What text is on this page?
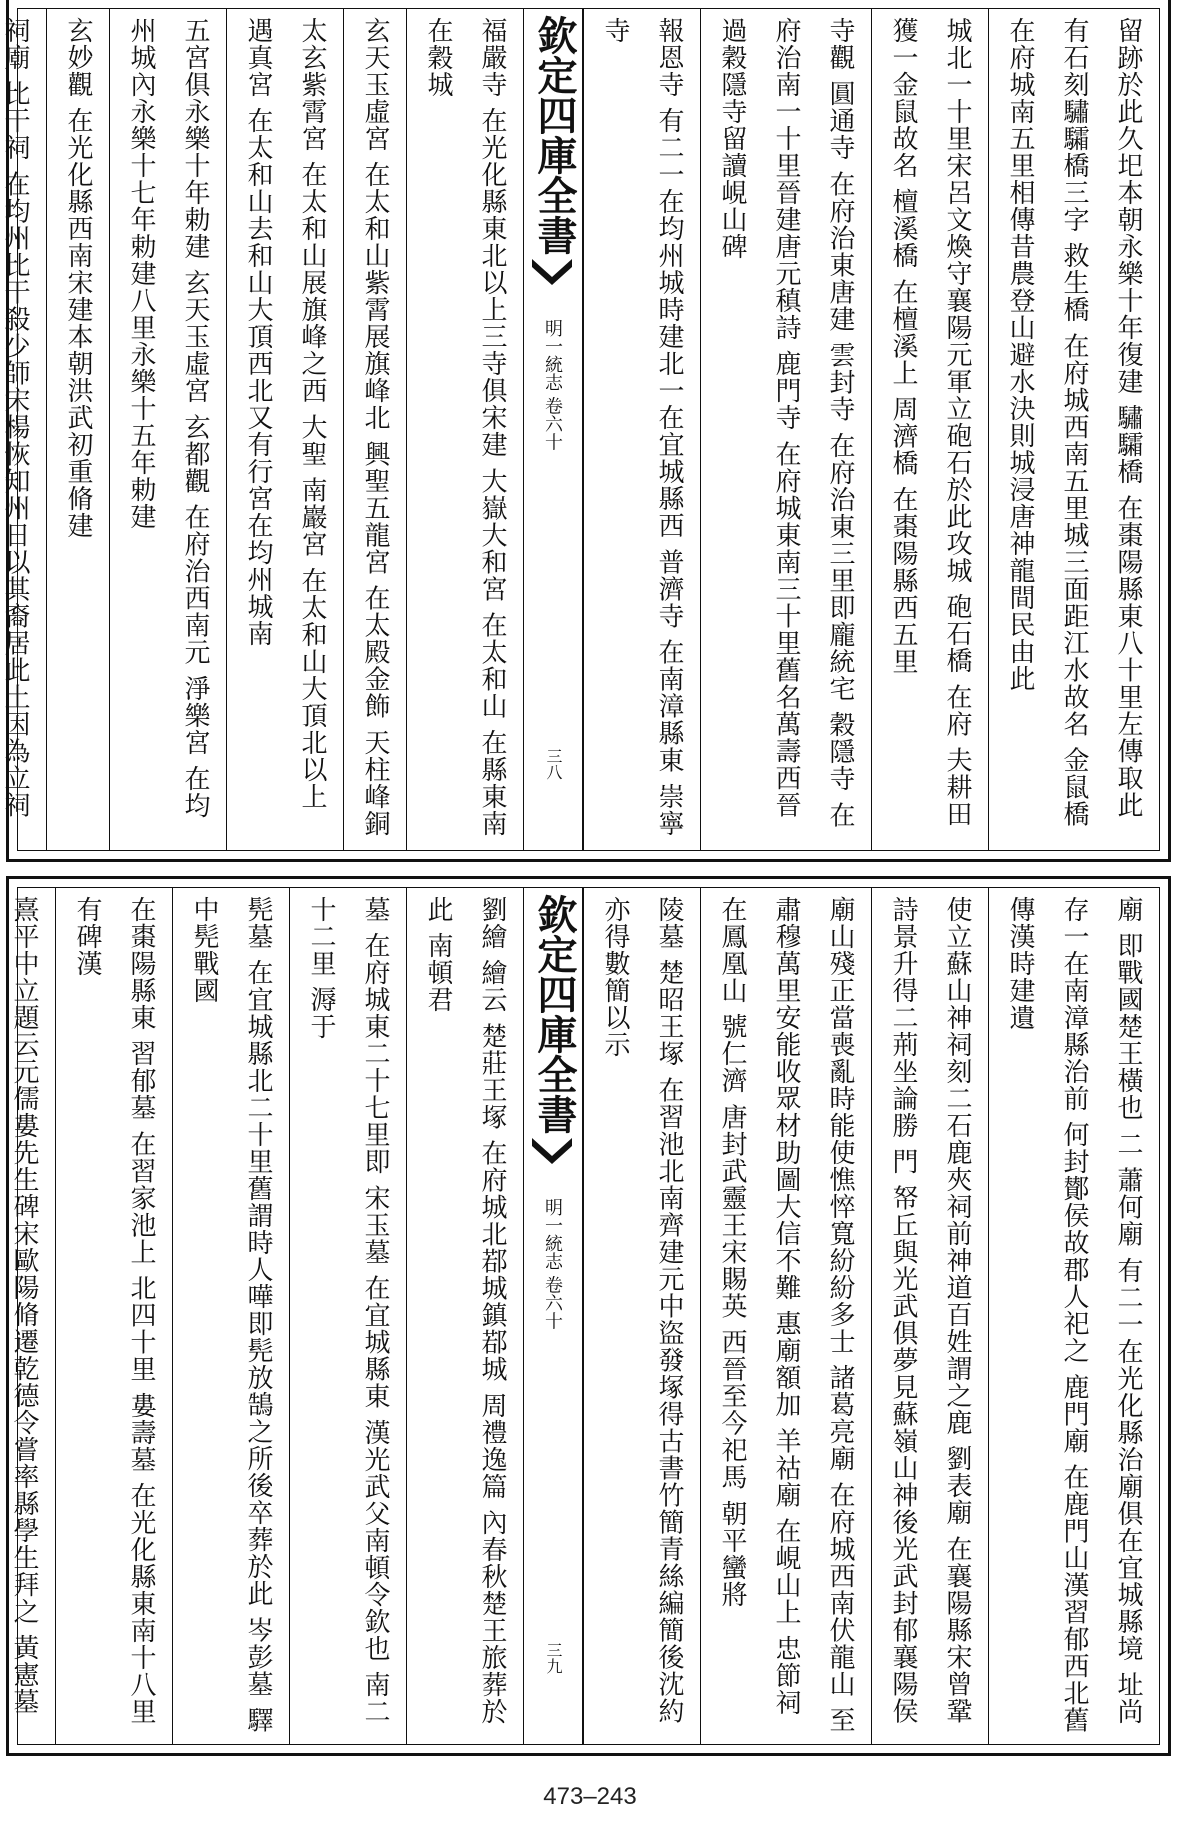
留跡於此久圯本朝永樂十年復建 驌驦橋 在棗陽縣東八十里左傳取此有石刻驌驦橋三字 救生橋 在府城西南五里城三面距江水故名 金鼠橋 在府城南五里相傳昔農登山避水決則城浸唐神龍間民由此
城北一十里宋呂文煥守襄陽元軍立砲石於此攻城 砲石橋 在府 夫耕田獲一金鼠故名 檀溪橋 在檀溪上 周濟橋 在棗陽縣西五里
寺觀 圓通寺 在府治東唐建 雲封寺 在府治東三里即龐統宅 穀隱寺 在府治南一十里晉建唐元稹詩 鹿門寺 在府城東南三十里舊名萬壽西晉過穀隱寺留讀峴山碑
報恩寺 有二一在均州城時建北一在宜城縣西 普濟寺 在南漳縣東 崇寧寺
欽定四庫全書
明一統志 卷六十
三八
福嚴寺 在光化縣東北以上三寺俱宋建 大嶽大和宮 在太和山 在縣東南 在穀城
玄天玉虛宮 在太和山紫霄展旗峰北 興聖五龍宮 在太殿金飾 天柱峰銅
太玄紫霄宮 在太和山展旗峰之西 大聖 南巖宮 在太和山大頂北以上 遇真宮 在太和山去和山大頂西北又有行宮在均州城南
五宮俱永樂十年勅建 玄天玉虛宮 玄都觀 在府治西南元 淨樂宮 在均州城內永樂十七年勅建八里永樂十五年勅建
玄妙觀 在光化縣西南宋建本朝洪武初重脩建
祠廟 比干祠 在均州比干殺少師宋楊恢知州日以其裔居此土因為立祠
廟 即戰國楚王橫也 二 蕭何廟 有二一在光化縣治廟俱在宜城縣境 址尚存一在南漳縣治前 何封鄼侯故郡人祀之 鹿門廟 在鹿門山漢習郁西北舊傳漢時建遺
使立蘇山神祠刻二石鹿夾祠前神道百姓謂之鹿 劉表廟 在襄陽縣宋曾鞏詩景升得二荊坐論勝 門 帑丘與光武俱夢見蘇嶺山神後光武封郁襄陽侯
廟山殘正當喪亂時能使憔悴寬紛紛多士 諸葛亮廟 在府城西南伏龍山 至肅穆萬里安能收眾材助圖大信不難 惠廟額加 羊祜廟 在峴山上 忠節祠 在鳳凰山 號仁濟 唐封武靈王宋賜英 西晉至今祀馬 朝平蠻將
陵墓 楚昭王塚 在習池北南齊建元中盜發塚得古書竹簡青絲編簡後沈約亦得數簡以示
欽定四庫全書
明一統志 卷六十
三九
劉繪 繪云 楚莊王塚 在府城北鄀城鎮鄀城 周禮逸篇 內春秋楚王旅葬於此 南頓君
墓 在府城東二十七里即 宋玉墓 在宜城縣東 漢光武父南頓令欽也 南二十二里 溽于
髡墓 在宜城縣北二十里舊謂時人嘩即髡放鵠之所後卒葬於此 岑彭墓 驛中髡戰國
在棗陽縣東 習郁墓 在習家池上 北四十里 婁壽墓 在光化縣東南十八里有碑漢
熹平中立題云元儒婁先生碑宋歐陽脩遷乾德令嘗率縣學生拜之 黃憲墓
473–243
